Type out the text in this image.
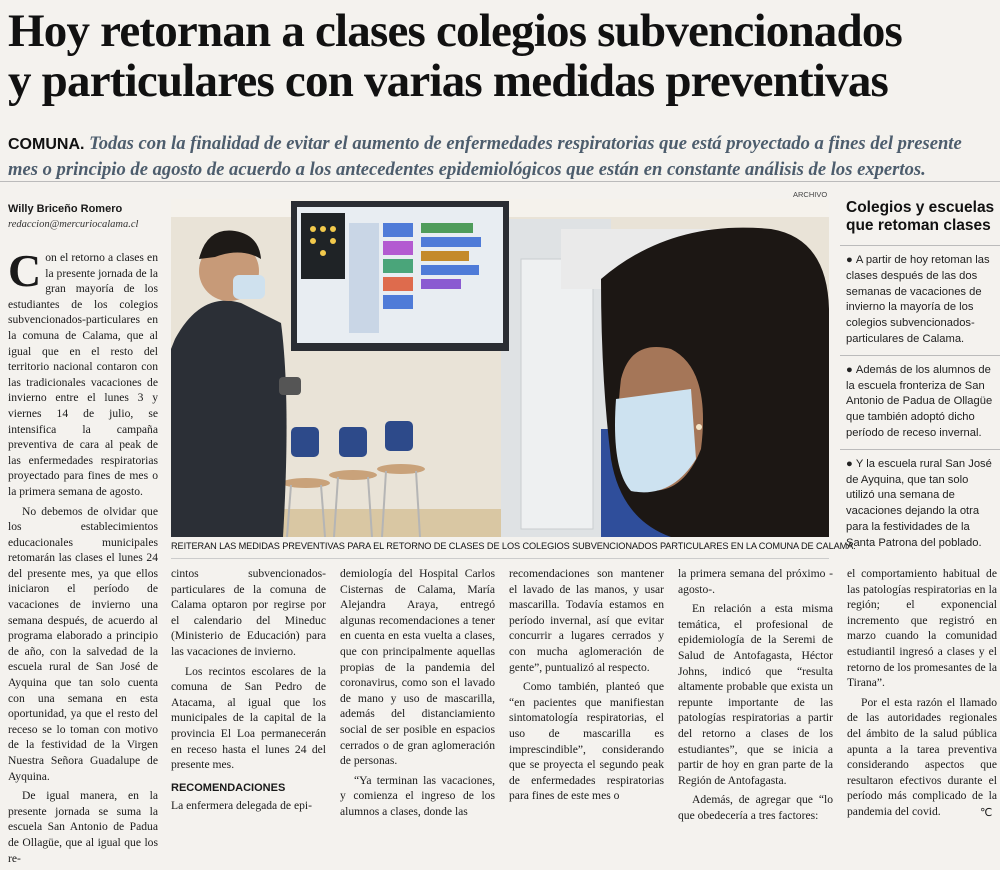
Hoy retornan a clases colegios subvencionados
y particulares con varias medidas preventivas
COMUNA. Todas con la finalidad de evitar el aumento de enfermedades respiratorias que está proyectado a fines del presente mes o principio de agosto de acuerdo a los antecedentes epidemiológicos que están en constante análisis de los expertos.
Willy Briceño Romero
redaccion@mercuriocalama.cl

Con el retorno a clases en la presente jornada de la gran mayoría de los estudiantes de los colegios subvencionados-particulares en la comuna de Calama, que al igual que en el resto del territorio nacional contaron con las tradicionales vacaciones de invierno entre el lunes 3 y viernes 14 de julio, se intensifica la campaña preventiva de cara al peak de las enfermedades respiratorias proyectado para fines de mes o la primera semana de agosto.

No debemos de olvidar que los establecimientos educacionales municipales retomarán las clases el lunes 24 del presente mes, ya que ellos iniciaron el período de vacaciones de invierno una semana después, de acuerdo al programa elaborado a principio de año, con la salvedad de la escuela rural de San José de Ayquina que tan solo cuenta con una semana en esta oportunidad, ya que el resto del receso se lo toman con motivo de la festividad de la Virgen Nuestra Señora Guadalupe de Ayquina.

De igual manera, en la presente jornada se suma la escuela San Antonio de Padua de Ollagüe, que al igual que los re-

ARCHIVO
REITERAN LAS MEDIDAS PREVENTIVAS PARA EL RETORNO DE CLASES DE LOS COLEGIOS SUBVENCIONADOS PARTICULARES EN LA COMUNA DE CALAMA.
Colegios y escuelas que retoman clases
● A partir de hoy retoman las clases después de las dos semanas de vacaciones de invierno la mayoría de los colegios subvencionados-particulares de Calama.
● Además de los alumnos de la escuela fronteriza de San Antonio de Padua de Ollagüe que también adoptó dicho período de receso invernal.
● Y la escuela rural San José de Ayquina, que tan solo utilizó una semana de vacaciones dejando la otra para la festividades de la Santa Patrona del poblado.

cintos subvencionados-particulares de la comuna de Calama optaron por regirse por el calendario del Mineduc (Ministerio de Educación) para las vacaciones de invierno.

Los recintos escolares de la comuna de San Pedro de Atacama, al igual que los municipales de la capital de la provincia El Loa permanecerán en receso hasta el lunes 24 del presente mes.

RECOMENDACIONES

La enfermera delegada de epi-

demiología del Hospital Carlos Cisternas de Calama, María Alejandra Araya, entregó algunas recomendaciones a tener en cuenta en esta vuelta a clases, que con principalmente aquellas propias de la pandemia del coronavirus, como son el lavado de mano y uso de mascarilla, además del distanciamiento social de ser posible en espacios cerrados o de gran aglomeración de personas.

“Ya terminan las vacaciones, y comienza el ingreso de los alumnos a clases, donde las

recomendaciones son mantener el lavado de las manos, y usar mascarilla. Todavía estamos en período invernal, así que evitar concurrir a lugares cerrados y con mucha aglomeración de gente”, puntualizó al respecto.

Como también, planteó que “en pacientes que manifiestan sintomatología respiratorias, el uso de mascarilla es imprescindible”, considerando que se proyecta el segundo peak de enfermedades respiratorias para fines de este mes o

la primera semana del próximo -agosto-.

En relación a esta misma temática, el profesional de epidemiología de la Seremi de Salud de Antofagasta, Héctor Johns, indicó que “resulta altamente probable que exista un repunte importante de las patologías respiratorias a partir del retorno a clases de los estudiantes”, que se inicia a partir de hoy en gran parte de la Región de Antofagasta.

Además, de agregar que “lo que obedecería a tres factores:

el comportamiento habitual de las patologías respiratorias en la región; el exponencial incremento que registró en marzo cuando la comunidad estudiantil ingresó a clases y el retorno de los promesantes de la Tirana”.

Por el esta razón el llamado de las autoridades regionales del ámbito de la salud pública apunta a la tarea preventiva considerando aspectos que resultaron efectivos durante el período más complicado de la pandemia del covid.	℃
